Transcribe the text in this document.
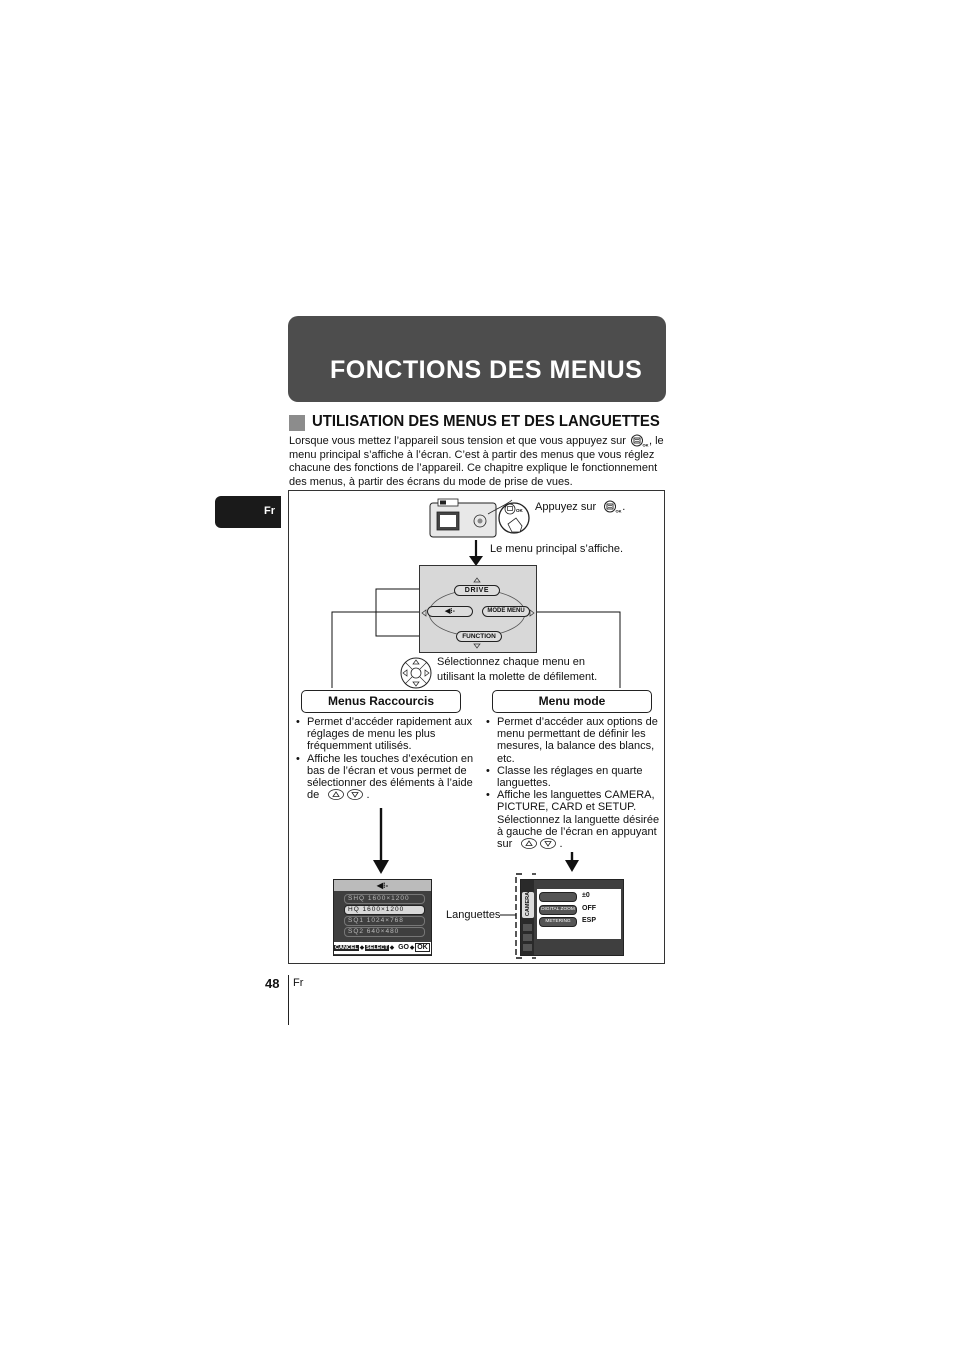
FONCTIONS DES MENUS
Fr
UTILISATION DES MENUS ET DES LANGUETTES
Lorsque vous mettez l’appareil sous tension et que vous appuyez sur	OK , le menu principal s’affiche à l’écran. C’est à partir des menus que vous réglez chacune des fonctions de l’appareil. Ce chapitre explique le fonctionnement des menus, à partir des écrans du mode de prise de vues.
OK Appuyez sur	OK .
Le menu principal s’affiche.
DRIVE
◀⁝-	MODE MENU
FUNCTION
Sélectionnez chaque menu en
utilisant la molette de défilement.
Menus Raccourcis	Menu mode
• Permet d’accéder rapidement aux réglages de menu les plus fréquemment utilisés.
• Affiche les touches d’exécution en bas de l’écran et vous permet de sélectionner des éléments à l’aide de	.
• Permet d’accéder aux options de menu permettant de définir les mesures, la balance des blancs, etc.
• Classe les réglages en quarte languettes.
• Affiche les languettes CAMERA, PICTURE, CARD et SETUP. Sélectionnez la languette désirée à gauche de l’écran en appuyant sur	.
◀⁝-
SHQ 1600×1200
HQ 1600×1200
SQ1 1024×768
SQ2 640×480
CANCEL ◆ SELECT ◆ GO◆ OK
Languettes	CAMERA	±0
DIGITAL ZOOM OFF
METERING	ESP
48 Fr
